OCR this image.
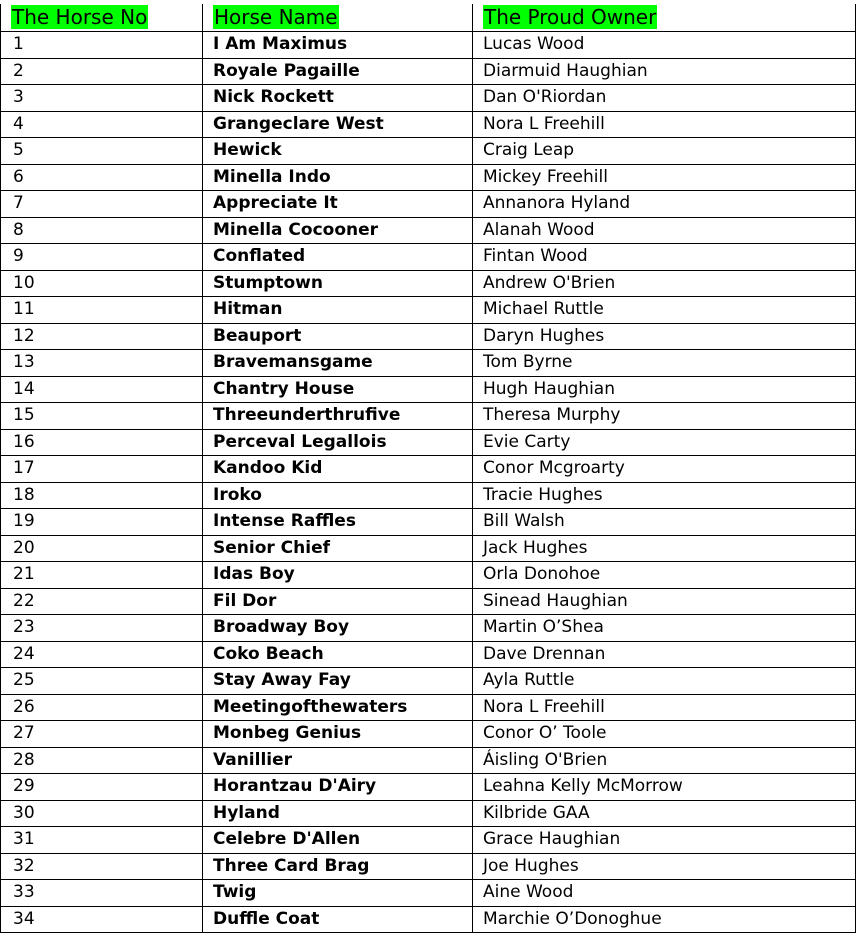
The Horse No	Horse Name	The Proud Owner
1	I Am Maximus	Lucas Wood
2	Royale Pagaille	Diarmuid Haughian
3	Nick Rockett	Dan O'Riordan
4	Grangeclare West	Nora L Freehill
5	Hewick	Craig Leap
6	Minella Indo	Mickey Freehill
7	Appreciate It	Annanora Hyland
8	Minella Cocooner	Alanah Wood
9	Conflated	Fintan Wood
10	Stumptown	Andrew O'Brien
11	Hitman	Michael Ruttle
12	Beauport	Daryn Hughes
13	Bravemansgame	Tom Byrne
14	Chantry House	Hugh Haughian
15	Threeunderthrufive	Theresa Murphy
16	Perceval Legallois	Evie Carty
17	Kandoo Kid	Conor Mcgroarty
18	Iroko	Tracie Hughes
19	Intense Raffles	Bill Walsh
20	Senior Chief	Jack Hughes
21	Idas Boy	Orla Donohoe
22	Fil Dor	Sinead Haughian
23	Broadway Boy	Martin O’Shea
24	Coko Beach	Dave Drennan
25	Stay Away Fay	Ayla Ruttle
26	Meetingofthewaters	Nora L Freehill
27	Monbeg Genius	Conor O’ Toole
28	Vanillier	Áisling O'Brien
29	Horantzau D'Airy	Leahna Kelly McMorrow
30	Hyland	Kilbride GAA
31	Celebre D'Allen	Grace Haughian
32	Three Card Brag	Joe Hughes
33	Twig	Aine Wood
34	Duffle Coat	Marchie O’Donoghue
